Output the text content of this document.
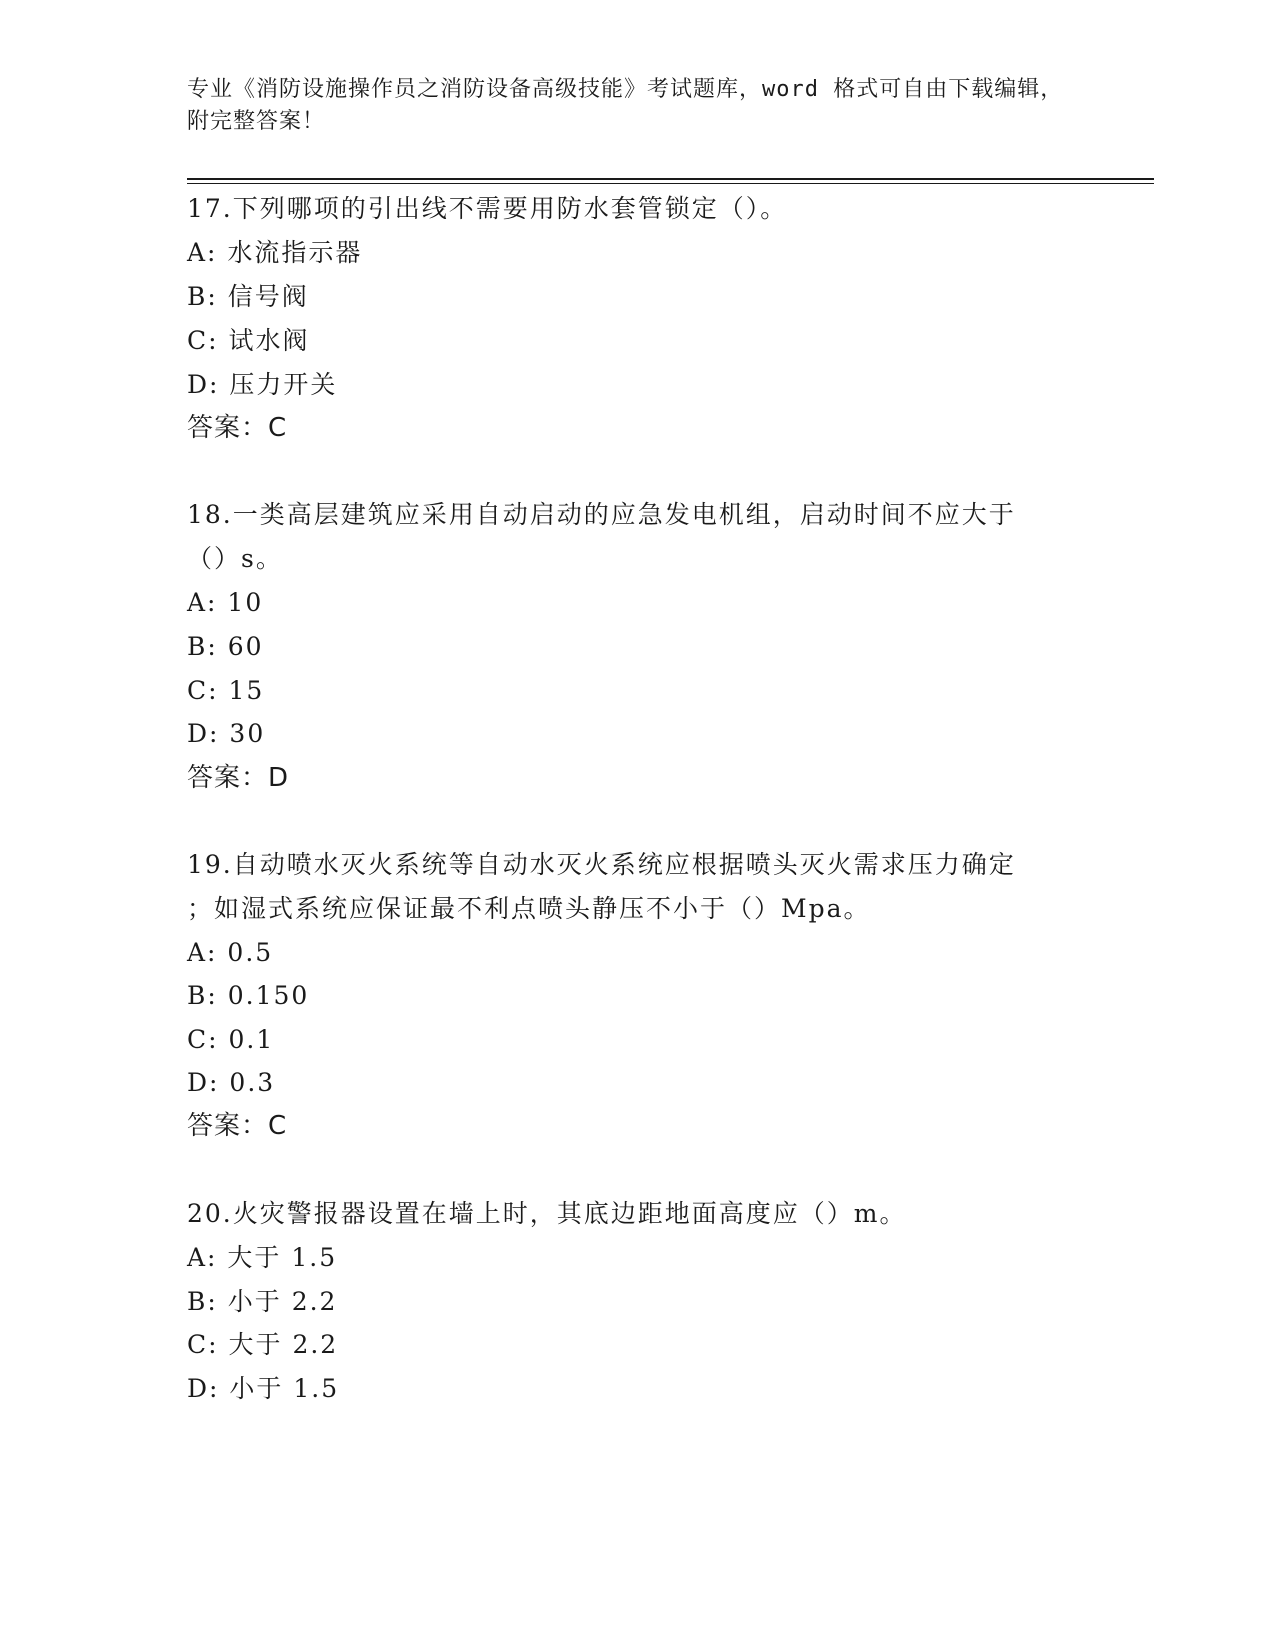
专业《消防设施操作员之消防设备高级技能》考试题库，word 格式可自由下载编辑，附完整答案！
17.下列哪项的引出线不需要用防水套管锁定（）。
A: 水流指示器
B: 信号阀
C: 试水阀
D: 压力开关
答案：C
18.一类高层建筑应采用自动启动的应急发电机组，启动时间不应大于
（）s。
A: 10
B: 60
C: 15
D: 30
答案：D
19.自动喷水灭火系统等自动水灭火系统应根据喷头灭火需求压力确定
；如湿式系统应保证最不利点喷头静压不小于（）Mpa。
A: 0.5
B: 0.150
C: 0.1
D: 0.3
答案：C
20.火灾警报器设置在墙上时，其底边距地面高度应（）m。
A: 大于 1.5
B: 小于 2.2
C: 大于 2.2
D: 小于 1.5
